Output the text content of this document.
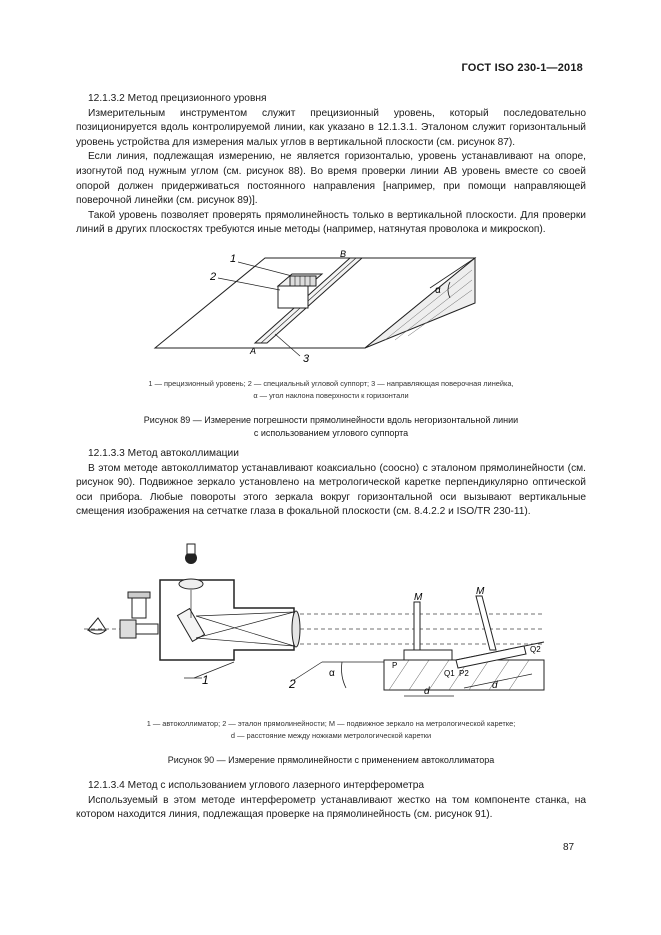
ГОСТ ISO 230-1—2018

12.1.3.2 Метод прецизионного уровня

Измерительным инструментом служит прецизионный уровень, который последовательно позиционируется вдоль контролируемой линии, как указано в 12.1.3.1. Эталоном служит горизонтальный уровень устройства для измерения малых углов в вертикальной плоскости (см. рисунок 87).

Если линия, подлежащая измерению, не является горизонталью, уровень устанавливают на опоре, изогнутой под нужным углом (см. рисунок 88). Во время проверки линии АВ уровень вместе со своей опорой должен придерживаться постоянного направления [например, при помощи направляющей поверочной линейки (см. рисунок 89)].

Такой уровень позволяет проверять прямолинейность только в вертикальной плоскости. Для проверки линий в других плоскостях требуются иные методы (например, натянутая проволока и микроскоп).

α
1
2
3
A
B
1 — прецизионный уровень; 2 — специальный угловой суппорт; 3 — направляющая поверочная линейка,
α — угол наклона поверхности к горизонтали
Рисунок 89 — Измерение погрешности прямолинейности вдоль негоризонтальной линии
с использованием углового суппорта

12.1.3.3 Метод автоколлимации

В этом методе автоколлиматор устанавливают коаксиально (соосно) с эталоном прямолинейности (см. рисунок 90). Подвижное зеркало установлено на метрологической каретке перпендикулярно оптической оси прибора. Любые повороты этого зеркала вокруг горизонтальной оси вызывают вертикальные смещения изображения на сетчатке глаза в фокальной плоскости (см. 8.4.2.2 и ISO/TR 230-11).

M
M
α
d
d
P
Q1 P2
Q2
1	2
1 — автоколлиматор; 2 — эталон прямолинейности; M — подвижное зеркало на метрологической каретке;
d — расстояние между ножками метрологической каретки
Рисунок 90 — Измерение прямолинейности с применением автоколлиматора

12.1.3.4 Метод с использованием углового лазерного интерферометра

Используемый в этом методе интерферометр устанавливают жестко на том компоненте станка, на котором находится линия, подлежащая проверке на прямолинейность (см. рисунок 91).

87
